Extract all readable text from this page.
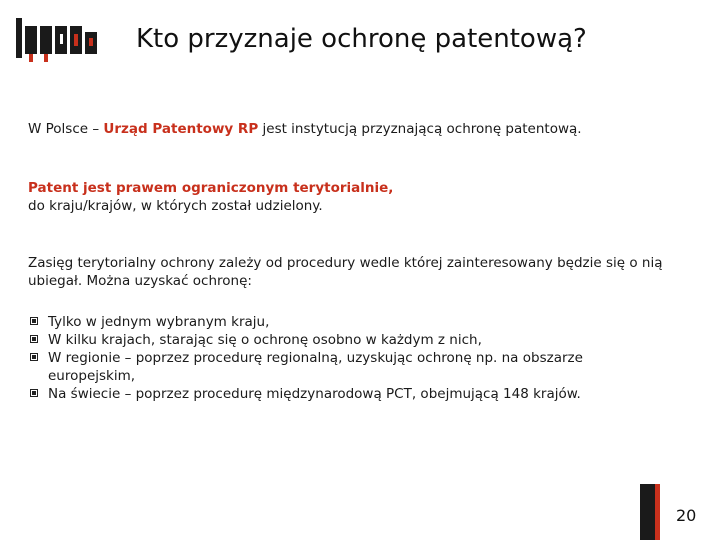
Kto przyznaje ochronę patentową?

W Polsce – Urząd Patentowy RP jest instytucją przyznającą ochronę patentową.

Patent jest prawem ograniczonym terytorialnie,
do kraju/krajów, w których został udzielony.

Zasięg terytorialny ochrony zależy od procedury wedle której zainteresowany będzie się o nią ubiegał. Można uzyskać ochronę:

Tylko w jednym wybranym kraju,
W kilku krajach, starając się o ochronę osobno w każdym z nich,
W regionie – poprzez procedurę regionalną, uzyskując ochronę np. na obszarze europejskim,
Na świecie – poprzez procedurę międzynarodową PCT, obejmującą 148 krajów.
20
